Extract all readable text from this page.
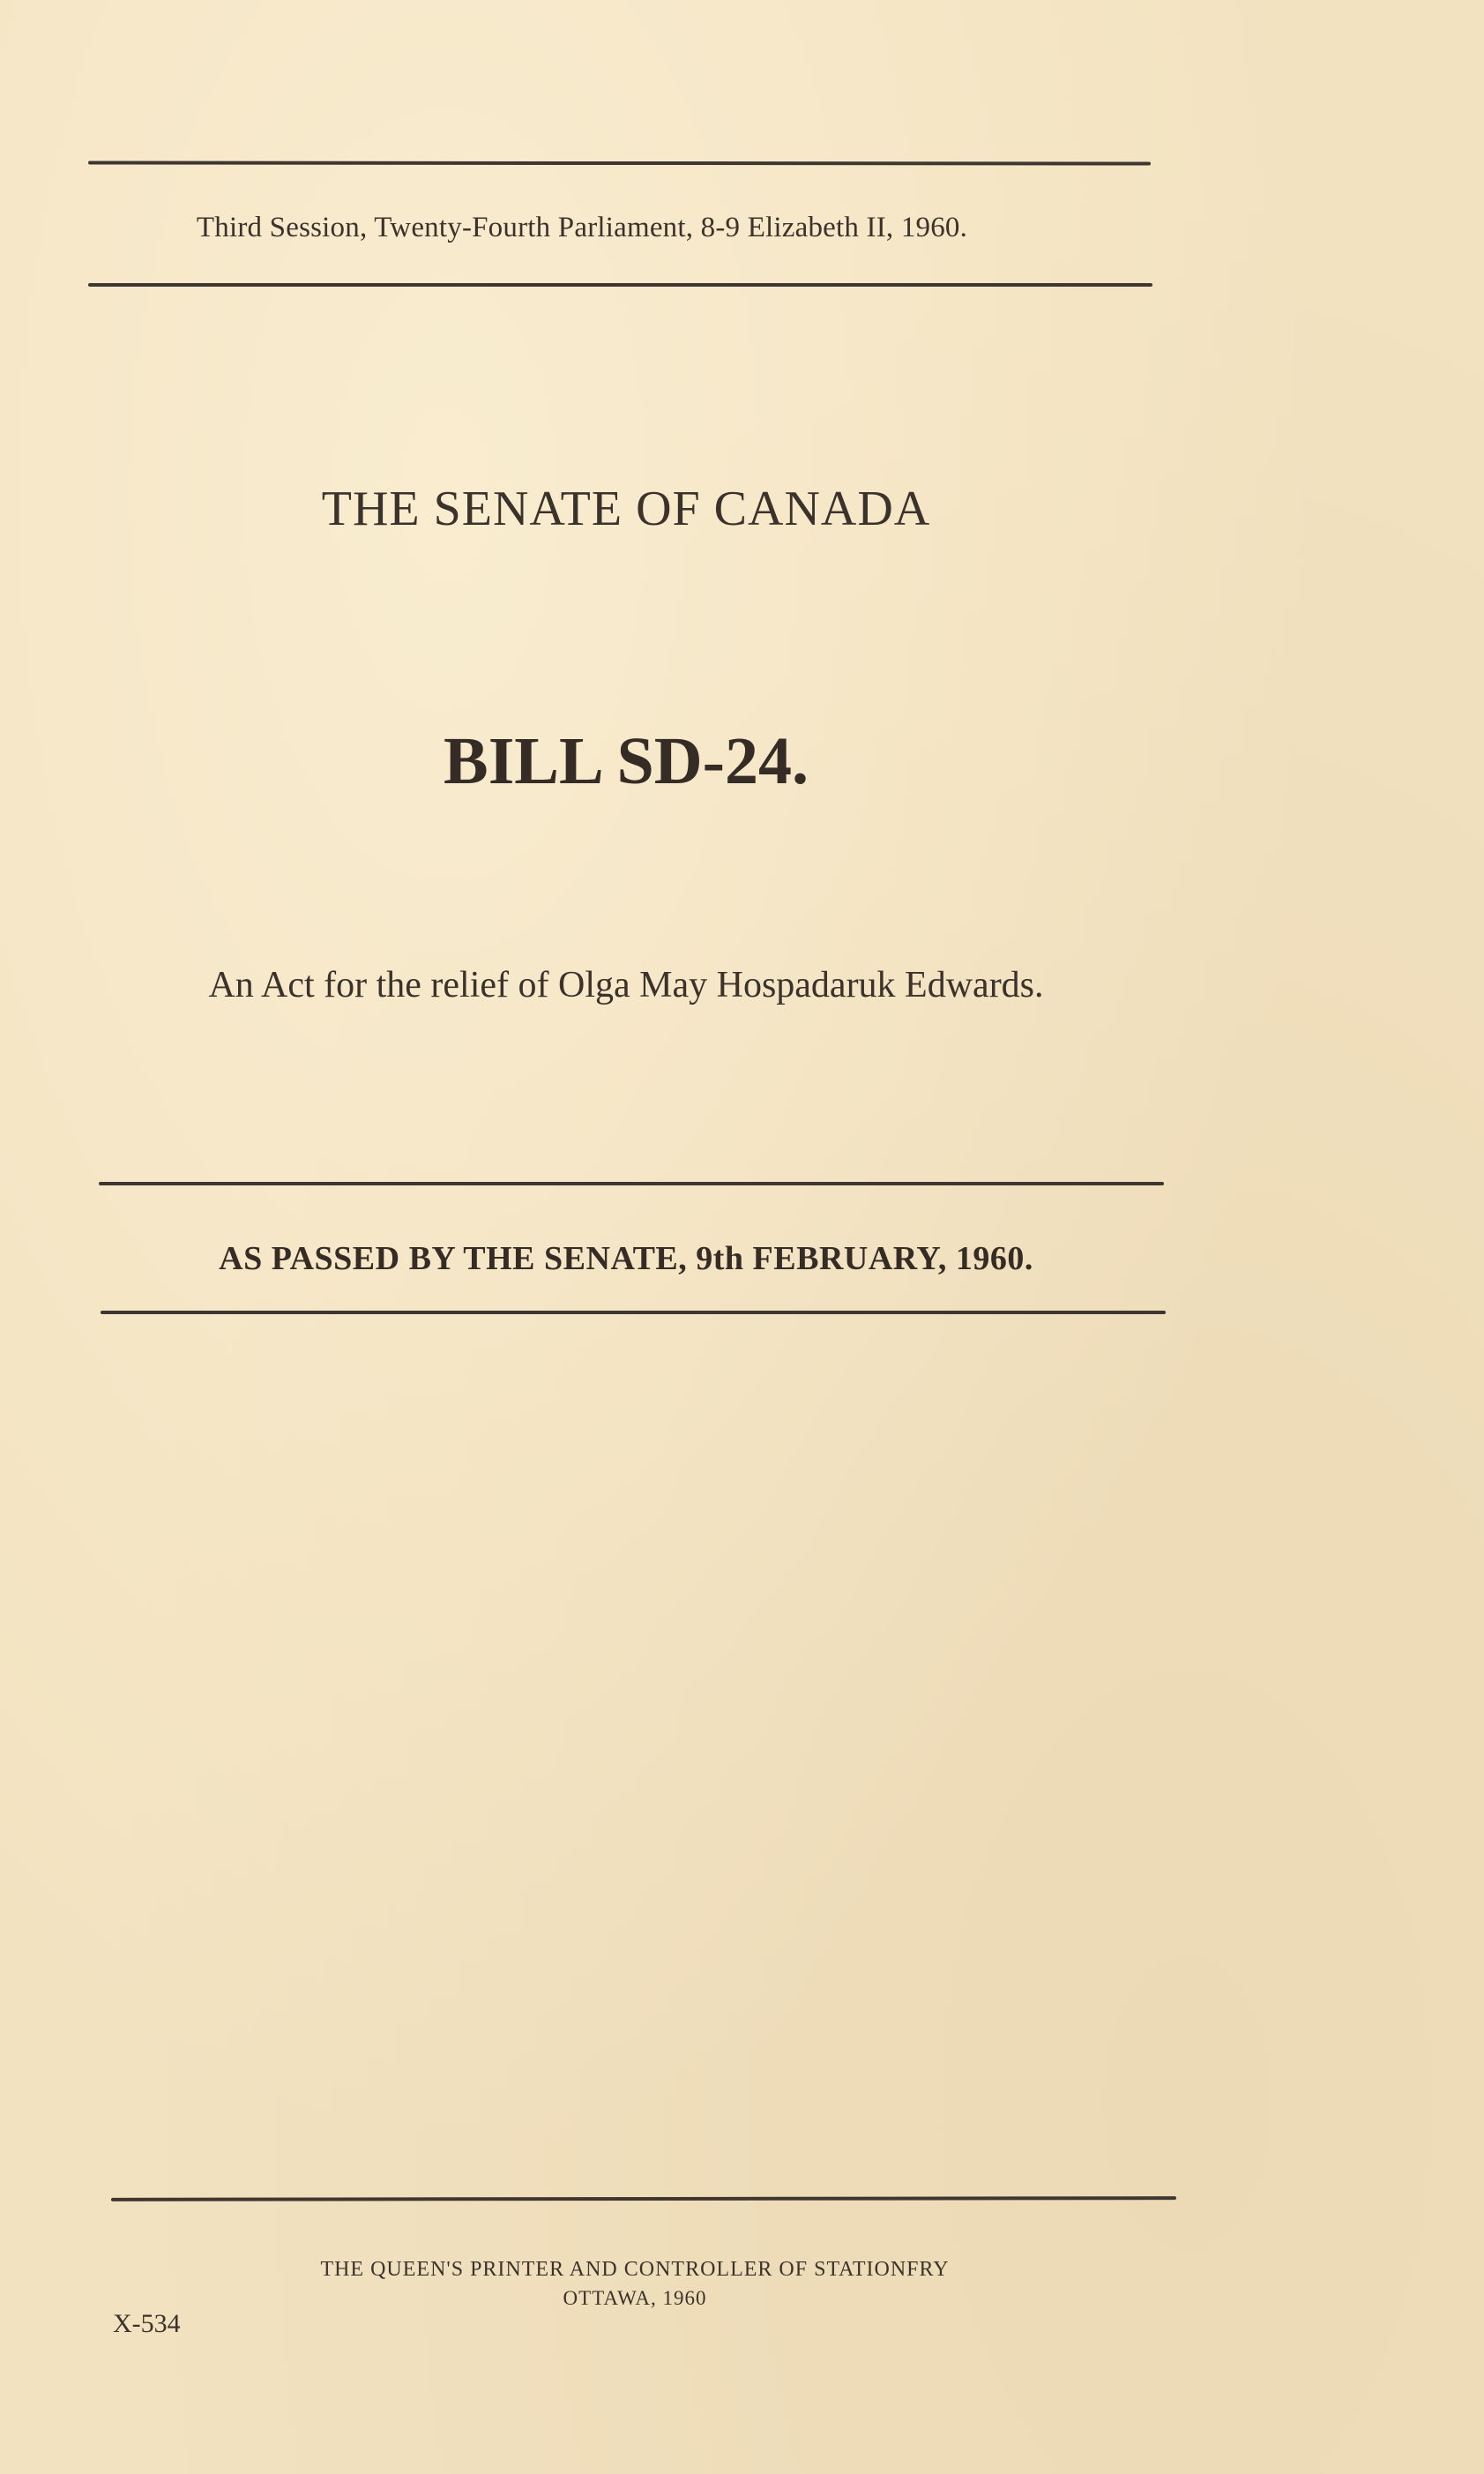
Third Session, Twenty-Fourth Parliament, 8-9 Elizabeth II, 1960.
THE SENATE OF CANADA
BILL SD-24.
An Act for the relief of Olga May Hospadaruk Edwards.
AS PASSED BY THE SENATE, 9th FEBRUARY, 1960.
THE QUEEN'S PRINTER AND CONTROLLER OF STATIONFRY
OTTAWA, 1960
X-534
